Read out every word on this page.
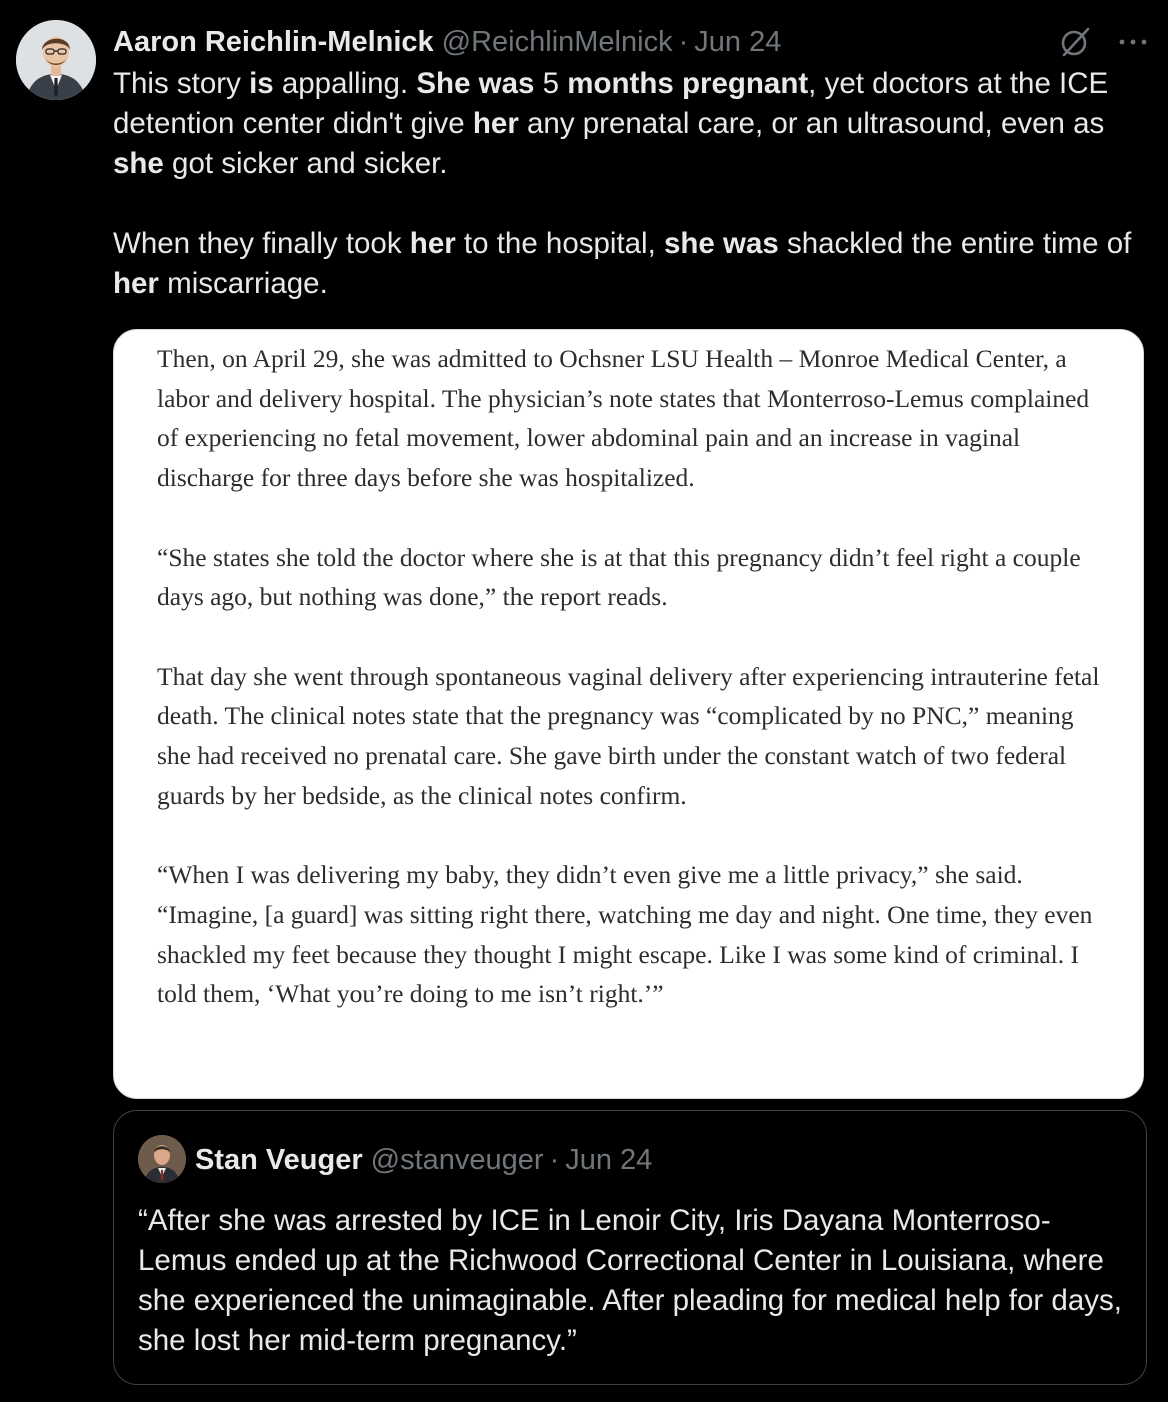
Aaron Reichlin-Melnick @ReichlinMelnick · Jun 24

This story is appalling. She was 5 months pregnant, yet doctors at the ICE detention center didn't give her any prenatal care, or an ultrasound, even as she got sicker and sicker.

When they finally took her to the hospital, she was shackled the entire time of her miscarriage.

Then, on April 29, she was admitted to Ochsner LSU Health – Monroe Medical Center, a labor and delivery hospital. The physician’s note states that Monterroso-Lemus complained of experiencing no fetal movement, lower abdominal pain and an increase in vaginal discharge for three days before she was hospitalized.

“She states she told the doctor where she is at that this pregnancy didn’t feel right a couple days ago, but nothing was done,” the report reads.

That day she went through spontaneous vaginal delivery after experiencing intrauterine fetal death. The clinical notes state that the pregnancy was “complicated by no PNC,” meaning she had received no prenatal care. She gave birth under the constant watch of two federal guards by her bedside, as the clinical notes confirm.

“When I was delivering my baby, they didn’t even give me a little privacy,” she said. “Imagine, [a guard] was sitting right there, watching me day and night. One time, they even shackled my feet because they thought I might escape. Like I was some kind of criminal. I told them, ‘What you’re doing to me isn’t right.’”

Stan Veuger @stanveuger · Jun 24
“After she was arrested by ICE in Lenoir City, Iris Dayana Monterroso-Lemus ended up at the Richwood Correctional Center in Louisiana, where she experienced the unimaginable. After pleading for medical help for days, she lost her mid-term pregnancy.”
